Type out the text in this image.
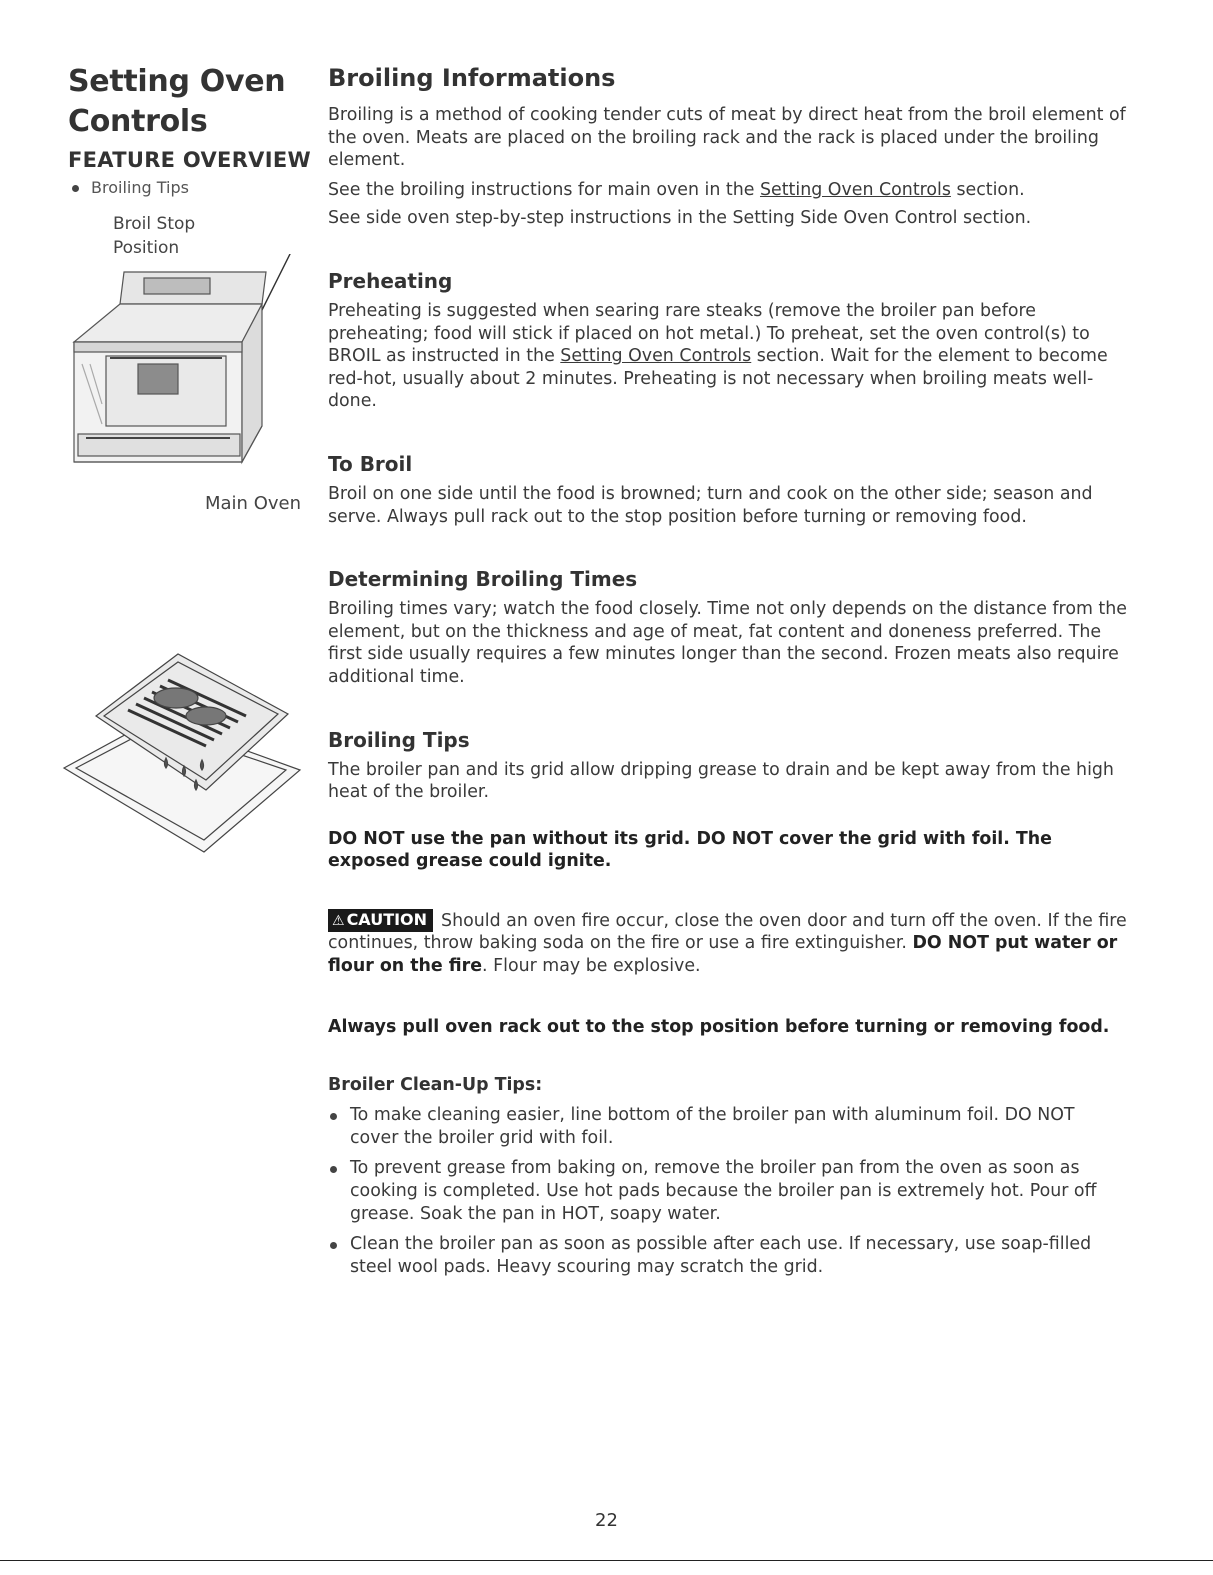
Setting Oven Controls
FEATURE OVERVIEW
Broiling Tips
Broil Stop
Position
Main Oven
Broiling Informations

Broiling is a method of cooking tender cuts of meat by direct heat from the broil element of the oven. Meats are placed on the broiling rack and the rack is placed under the broiling element.

See the broiling instructions for main oven in the Setting Oven Controls section.

See side oven step-by-step instructions in the Setting Side Oven Control section.

Preheating

Preheating is suggested when searing rare steaks (remove the broiler pan before preheating; food will stick if placed on hot metal.) To preheat, set the oven control(s) to BROIL as instructed in the Setting Oven Controls section. Wait for the element to become red-hot, usually about 2 minutes. Preheating is not necessary when broiling meats well-done.

To Broil

Broil on one side until the food is browned; turn and cook on the other side; season and serve. Always pull rack out to the stop position before turning or removing food.

Determining Broiling Times

Broiling times vary; watch the food closely. Time not only depends on the distance from the element, but on the thickness and age of meat, fat content and doneness preferred. The first side usually requires a few minutes longer than the second. Frozen meats also require additional time.

Broiling Tips

The broiler pan and its grid allow dripping grease to drain and be kept away from the high heat of the broiler.

DO NOT use the pan without its grid. DO NOT cover the grid with foil. The exposed grease could ignite.

⚠ CAUTION Should an oven fire occur, close the oven door and turn off the oven. If the fire continues, throw baking soda on the fire or use a fire extinguisher. DO NOT put water or flour on the fire. Flour may be explosive.

Always pull oven rack out to the stop position before turning or removing food.

Broiler Clean-Up Tips:
To make cleaning easier, line bottom of the broiler pan with aluminum foil. DO NOT cover the broiler grid with foil.
To prevent grease from baking on, remove the broiler pan from the oven as soon as cooking is completed. Use hot pads because the broiler pan is extremely hot. Pour off grease. Soak the pan in HOT, soapy water.
Clean the broiler pan as soon as possible after each use. If necessary, use soap-filled steel wool pads. Heavy scouring may scratch the grid.
22
